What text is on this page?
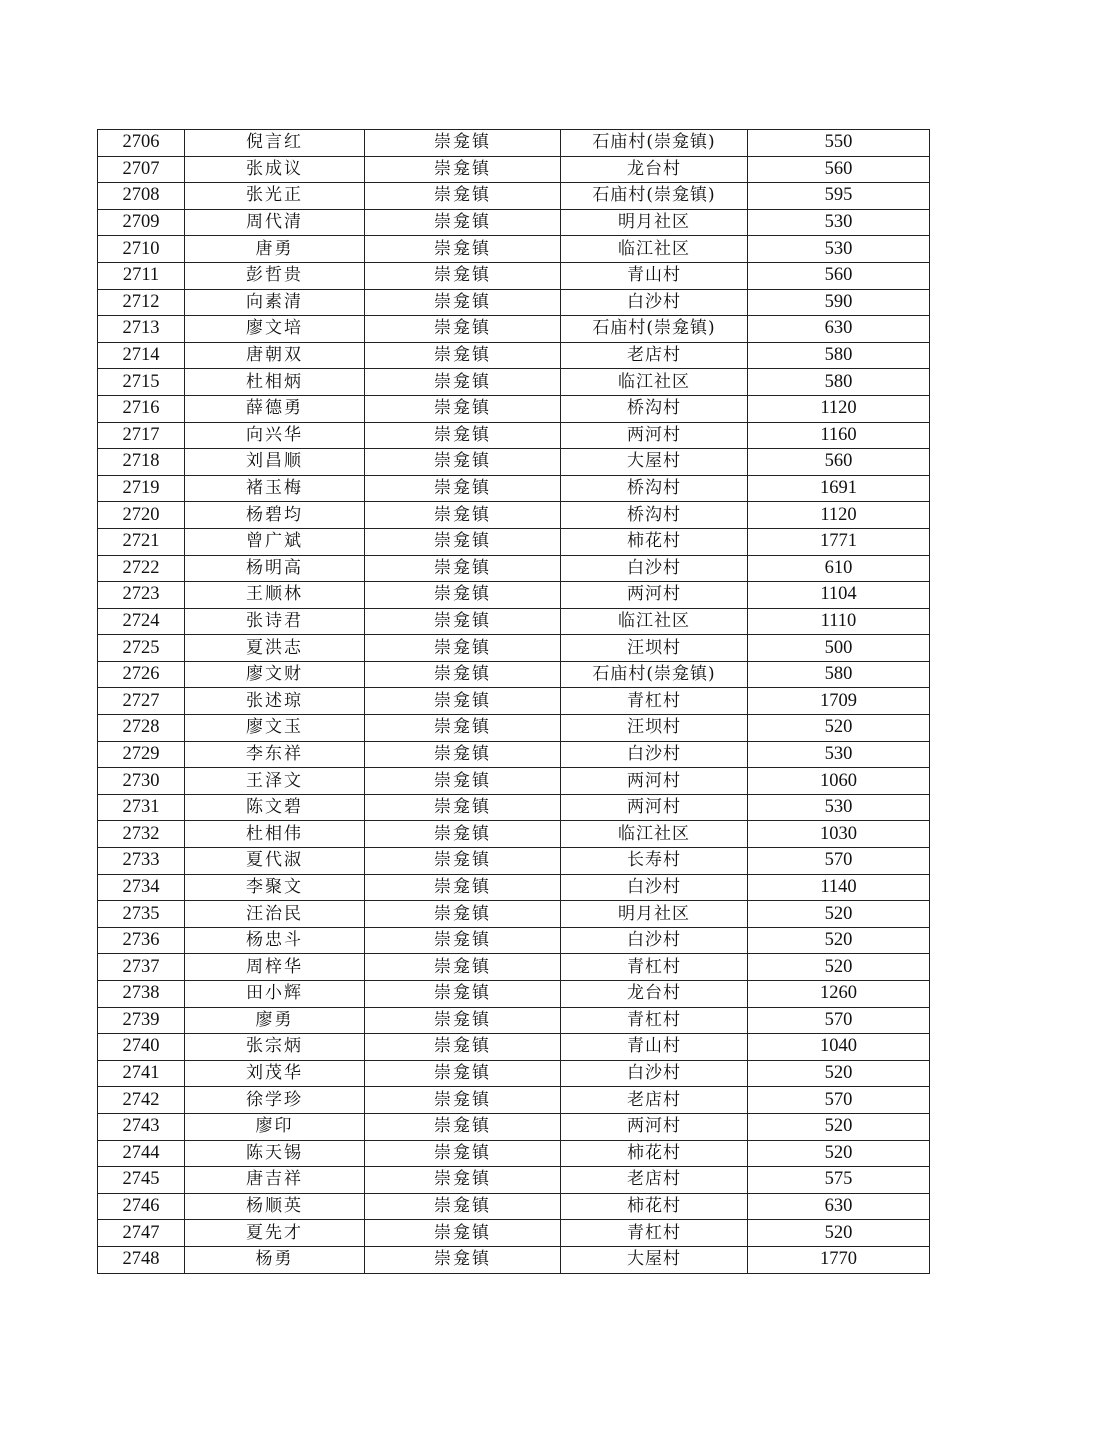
2706	倪言红	崇龛镇	石庙村(崇龛镇)	550
2707	张成议	崇龛镇	龙台村	560
2708	张光正	崇龛镇	石庙村(崇龛镇)	595
2709	周代清	崇龛镇	明月社区	530
2710	唐勇	崇龛镇	临江社区	530
2711	彭哲贵	崇龛镇	青山村	560
2712	向素清	崇龛镇	白沙村	590
2713	廖文培	崇龛镇	石庙村(崇龛镇)	630
2714	唐朝双	崇龛镇	老店村	580
2715	杜相炳	崇龛镇	临江社区	580
2716	薛德勇	崇龛镇	桥沟村	1120
2717	向兴华	崇龛镇	两河村	1160
2718	刘昌顺	崇龛镇	大屋村	560
2719	褚玉梅	崇龛镇	桥沟村	1691
2720	杨碧均	崇龛镇	桥沟村	1120
2721	曾广斌	崇龛镇	柿花村	1771
2722	杨明高	崇龛镇	白沙村	610
2723	王顺林	崇龛镇	两河村	1104
2724	张诗君	崇龛镇	临江社区	1110
2725	夏洪志	崇龛镇	汪坝村	500
2726	廖文财	崇龛镇	石庙村(崇龛镇)	580
2727	张述琼	崇龛镇	青杠村	1709
2728	廖文玉	崇龛镇	汪坝村	520
2729	李东祥	崇龛镇	白沙村	530
2730	王泽文	崇龛镇	两河村	1060
2731	陈文碧	崇龛镇	两河村	530
2732	杜相伟	崇龛镇	临江社区	1030
2733	夏代淑	崇龛镇	长寿村	570
2734	李聚文	崇龛镇	白沙村	1140
2735	汪治民	崇龛镇	明月社区	520
2736	杨忠斗	崇龛镇	白沙村	520
2737	周梓华	崇龛镇	青杠村	520
2738	田小辉	崇龛镇	龙台村	1260
2739	廖勇	崇龛镇	青杠村	570
2740	张宗炳	崇龛镇	青山村	1040
2741	刘茂华	崇龛镇	白沙村	520
2742	徐学珍	崇龛镇	老店村	570
2743	廖印	崇龛镇	两河村	520
2744	陈天锡	崇龛镇	柿花村	520
2745	唐吉祥	崇龛镇	老店村	575
2746	杨顺英	崇龛镇	柿花村	630
2747	夏先才	崇龛镇	青杠村	520
2748	杨勇	崇龛镇	大屋村	1770
